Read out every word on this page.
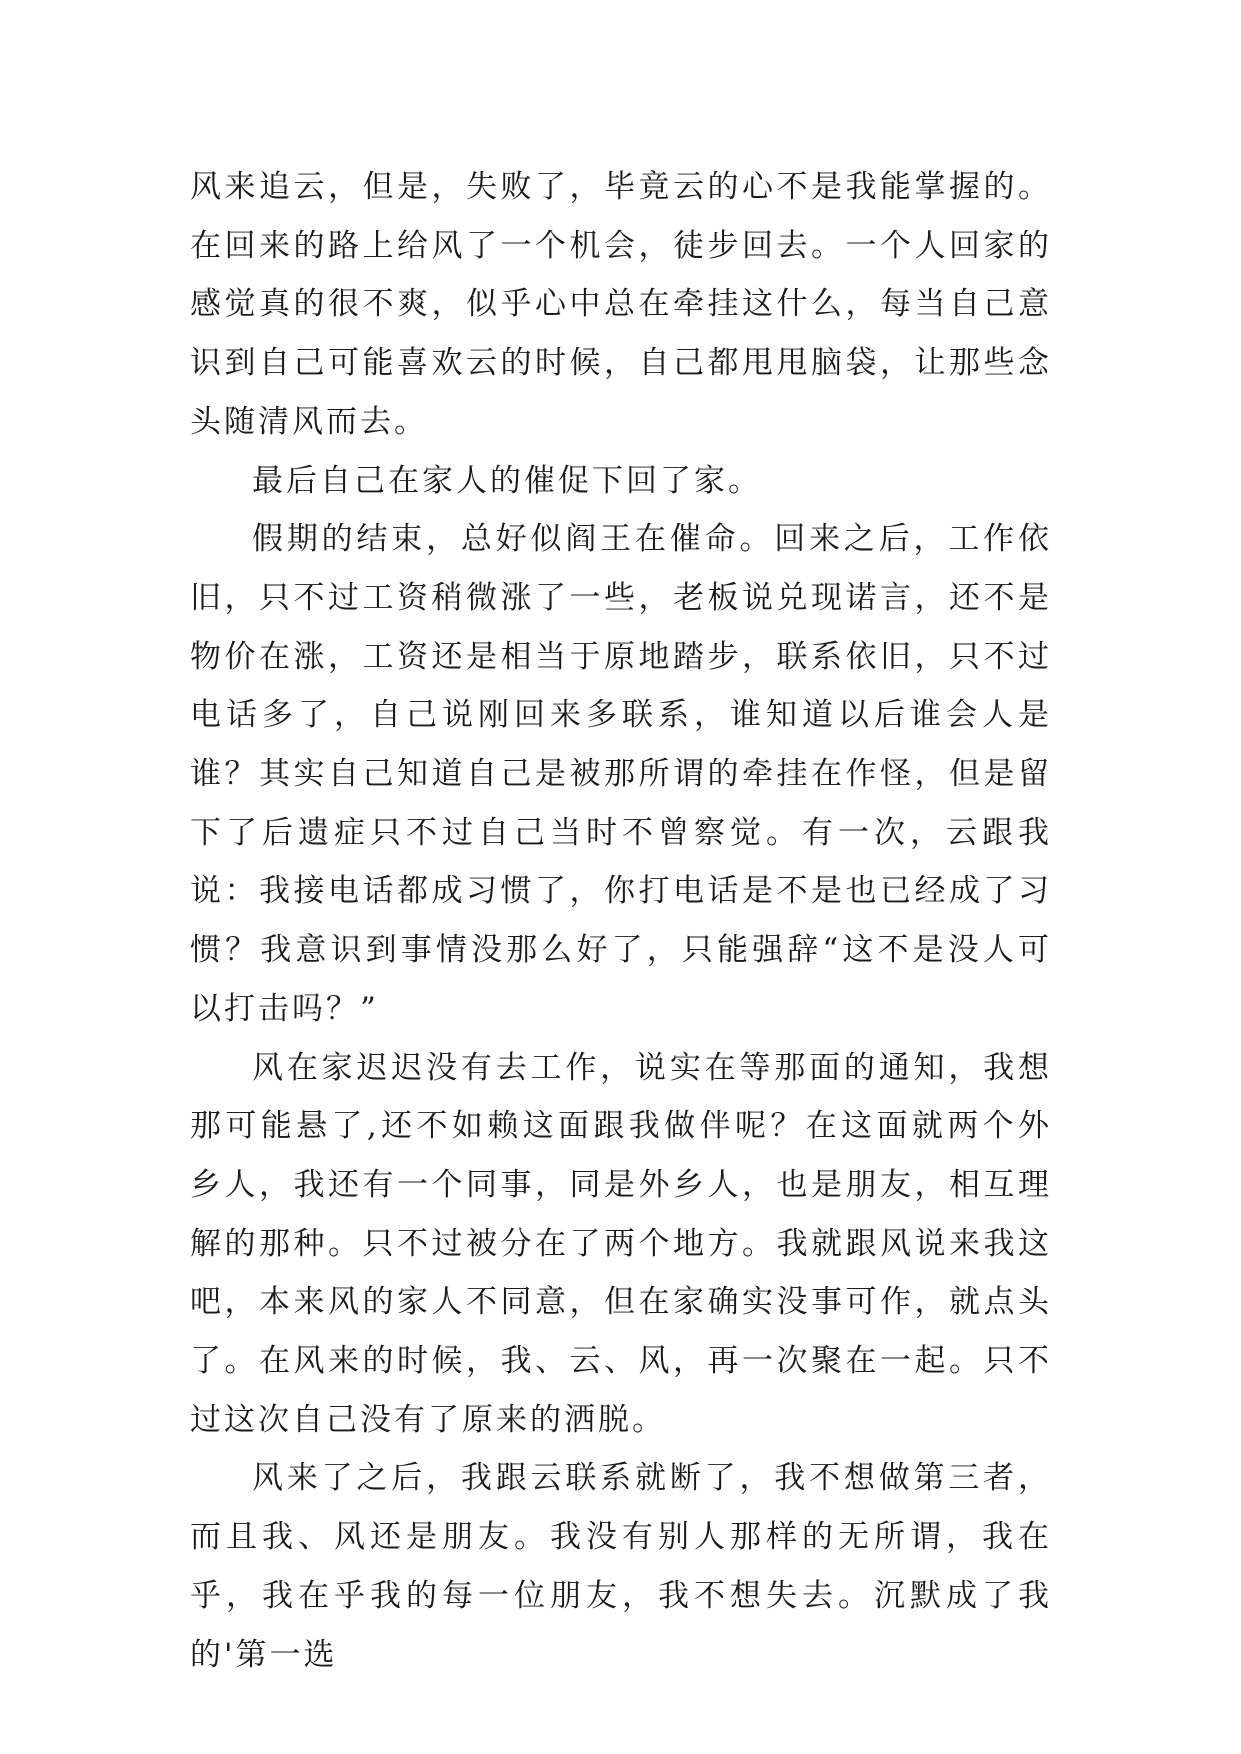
风来追云，但是，失败了，毕竟云的心不是我能掌握的。在回来的路上给风了一个机会，徒步回去。一个人回家的感觉真的很不爽，似乎心中总在牵挂这什么，每当自己意识到自己可能喜欢云的时候，自己都甩甩脑袋，让那些念头随清风而去。

最后自己在家人的催促下回了家。

假期的结束，总好似阎王在催命。回来之后，工作依旧，只不过工资稍微涨了一些，老板说兑现诺言，还不是物价在涨，工资还是相当于原地踏步，联系依旧，只不过电话多了，自己说刚回来多联系，谁知道以后谁会人是谁？其实自己知道自己是被那所谓的牵挂在作怪，但是留下了后遗症只不过自己当时不曾察觉。有一次，云跟我说：我接电话都成习惯了，你打电话是不是也已经成了习惯？我意识到事情没那么好了，只能强辞“这不是没人可以打击吗？”

风在家迟迟没有去工作，说实在等那面的通知，我想那可能悬了,还不如赖这面跟我做伴呢？在这面就两个外乡人，我还有一个同事，同是外乡人，也是朋友，相互理解的那种。只不过被分在了两个地方。我就跟风说来我这吧，本来风的家人不同意，但在家确实没事可作，就点头了。在风来的时候，我、云、风，再一次聚在一起。只不过这次自己没有了原来的洒脱。

风来了之后，我跟云联系就断了，我不想做第三者，而且我、风还是朋友。我没有别人那样的无所谓，我在乎，我在乎我的每一位朋友，我不想失去。沉默成了我的'第一选
